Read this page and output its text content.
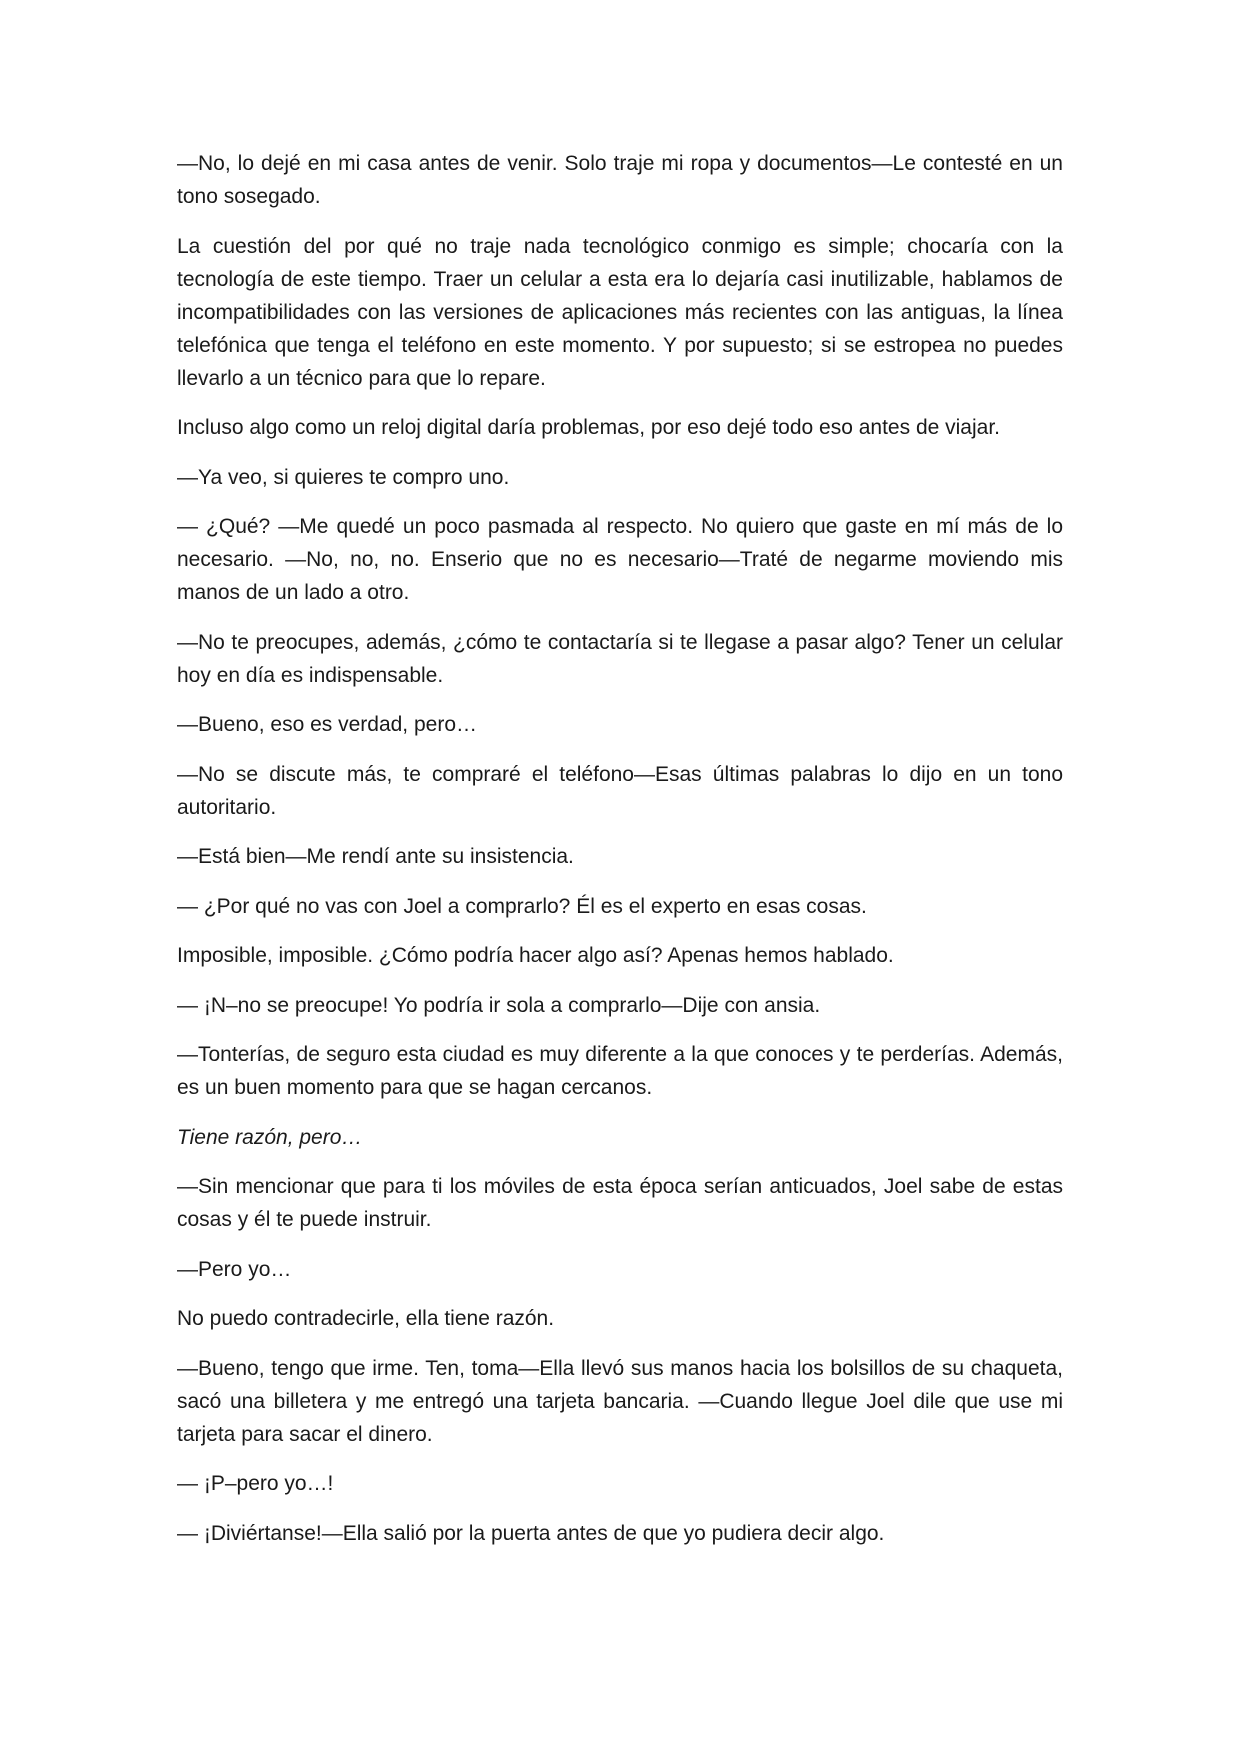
—No, lo dejé en mi casa antes de venir. Solo traje mi ropa y documentos—Le contesté en un tono sosegado.

La cuestión del por qué no traje nada tecnológico conmigo es simple; chocaría con la tecnología de este tiempo. Traer un celular a esta era lo dejaría casi inutilizable, hablamos de incompatibilidades con las versiones de aplicaciones más recientes con las antiguas, la línea telefónica que tenga el teléfono en este momento. Y por supuesto; si se estropea no puedes llevarlo a un técnico para que lo repare.

Incluso algo como un reloj digital daría problemas, por eso dejé todo eso antes de viajar.

—Ya veo, si quieres te compro uno.

— ¿Qué? —Me quedé un poco pasmada al respecto. No quiero que gaste en mí más de lo necesario. —No, no, no. Enserio que no es necesario—Traté de negarme moviendo mis manos de un lado a otro.

—No te preocupes, además, ¿cómo te contactaría si te llegase a pasar algo? Tener un celular hoy en día es indispensable.

—Bueno, eso es verdad, pero…

—No se discute más, te compraré el teléfono—Esas últimas palabras lo dijo en un tono autoritario.

—Está bien—Me rendí ante su insistencia.

— ¿Por qué no vas con Joel a comprarlo? Él es el experto en esas cosas.

Imposible, imposible. ¿Cómo podría hacer algo así? Apenas hemos hablado.

— ¡N–no se preocupe! Yo podría ir sola a comprarlo—Dije con ansia.

—Tonterías, de seguro esta ciudad es muy diferente a la que conoces y te perderías. Además, es un buen momento para que se hagan cercanos.

Tiene razón, pero…

—Sin mencionar que para ti los móviles de esta época serían anticuados, Joel sabe de estas cosas y él te puede instruir.

—Pero yo…

No puedo contradecirle, ella tiene razón.

—Bueno, tengo que irme. Ten, toma—Ella llevó sus manos hacia los bolsillos de su chaqueta, sacó una billetera y me entregó una tarjeta bancaria. —Cuando llegue Joel dile que use mi tarjeta para sacar el dinero.

— ¡P–pero yo…!

— ¡Diviértanse!—Ella salió por la puerta antes de que yo pudiera decir algo.
